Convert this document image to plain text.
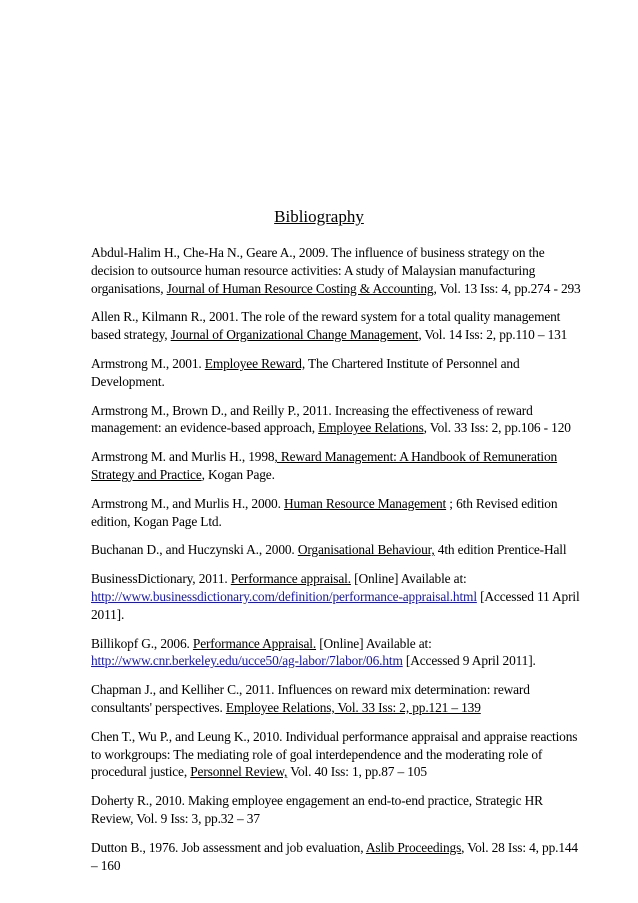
Bibliography

Abdul-Halim H., Che-Ha N., Geare A., 2009. The influence of business strategy on the decision to outsource human resource activities: A study of Malaysian manufacturing organisations, Journal of Human Resource Costing & Accounting, Vol. 13 Iss: 4, pp.274 - 293

Allen R., Kilmann R., 2001. The role of the reward system for a total quality management based strategy, Journal of Organizational Change Management, Vol. 14 Iss: 2, pp.110 – 131

Armstrong M., 2001. Employee Reward, The Chartered Institute of Personnel and Development.

Armstrong M., Brown D., and Reilly P., 2011. Increasing the effectiveness of reward management: an evidence-based approach, Employee Relations, Vol. 33 Iss: 2, pp.106 - 120

Armstrong M. and Murlis H., 1998, Reward Management: A Handbook of Remuneration Strategy and Practice, Kogan Page.

Armstrong M., and Murlis H., 2000. Human Resource Management ; 6th Revised edition edition, Kogan Page Ltd.

Buchanan D., and Huczynski A., 2000. Organisational Behaviour, 4th edition Prentice-Hall

BusinessDictionary, 2011. Performance appraisal. [Online] Available at: http://www.businessdictionary.com/definition/performance-appraisal.html [Accessed 11 April 2011].

Billikopf G., 2006. Performance Appraisal. [Online] Available at: http://www.cnr.berkeley.edu/ucce50/ag-labor/7labor/06.htm [Accessed 9 April 2011].

Chapman J., and Kelliher C., 2011. Influences on reward mix determination: reward consultants' perspectives. Employee Relations, Vol. 33 Iss: 2, pp.121 – 139

Chen T., Wu P., and Leung K., 2010. Individual performance appraisal and appraise reactions to workgroups: The mediating role of goal interdependence and the moderating role of procedural justice, Personnel Review, Vol. 40 Iss: 1, pp.87 – 105

Doherty R., 2010. Making employee engagement an end-to-end practice, Strategic HR Review, Vol. 9 Iss: 3, pp.32 – 37

Dutton B., 1976. Job assessment and job evaluation, Aslib Proceedings, Vol. 28 Iss: 4, pp.144 – 160
